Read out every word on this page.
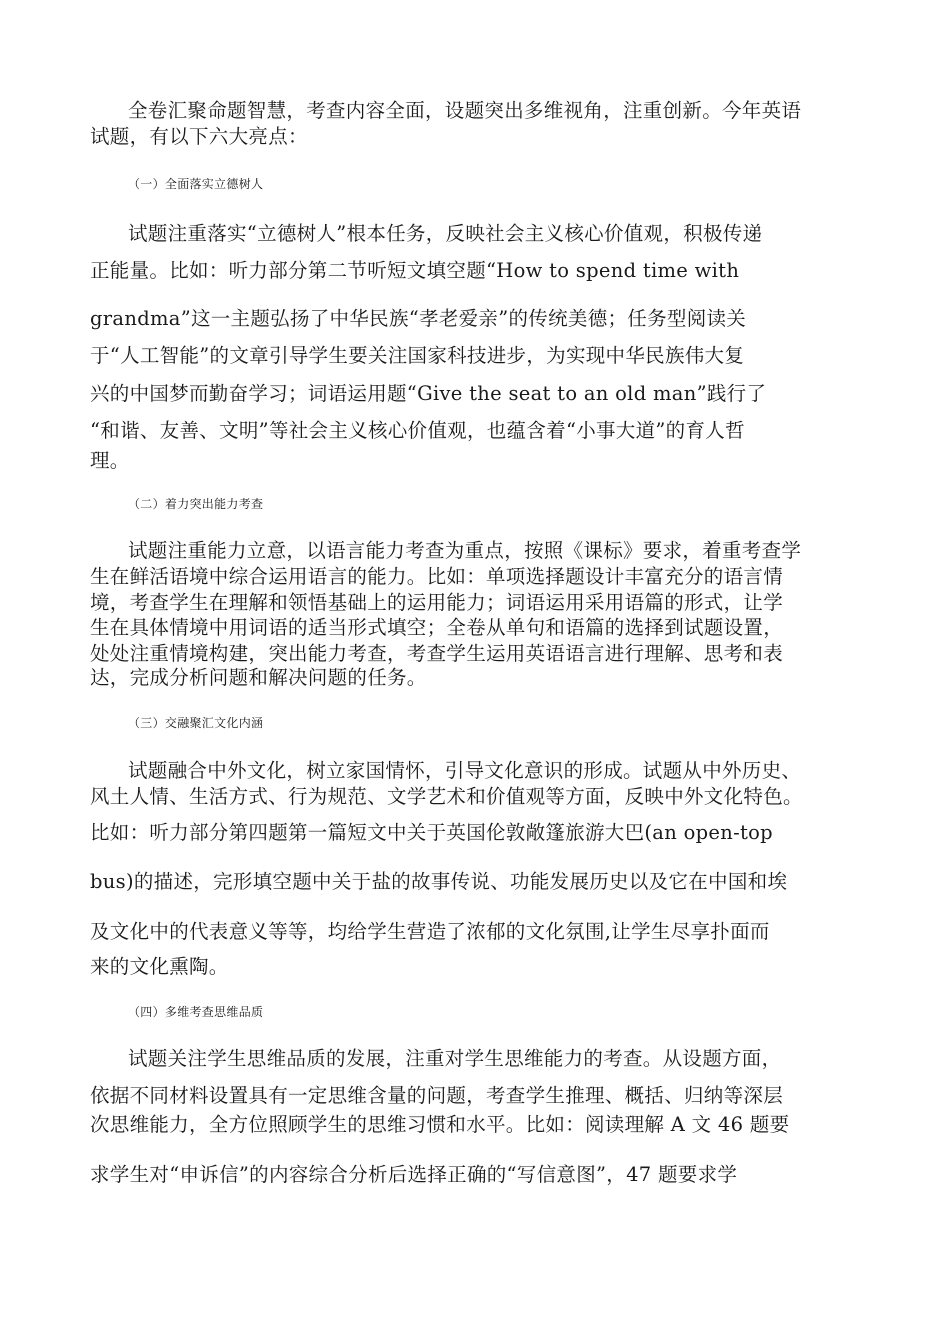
全卷汇聚命题智慧，考查内容全面，设题突出多维视角，注重创新。今年英语
试题，有以下六大亮点：
（一）全面落实立德树人
试题注重落实“立德树人”根本任务，反映社会主义核心价值观，积极传递
正能量。比如：听力部分第二节听短文填空题“How to spend time with
grandma”这一主题弘扬了中华民族“孝老爱亲”的传统美德；任务型阅读关
于“人工智能”的文章引导学生要关注国家科技进步，为实现中华民族伟大复
兴的中国梦而勤奋学习；词语运用题“Give the seat to an old man”践行了
“和谐、友善、文明”等社会主义核心价值观，也蕴含着“小事大道”的育人哲
理。
（二）着力突出能力考查
试题注重能力立意，以语言能力考查为重点，按照《课标》要求，着重考查学
生在鲜活语境中综合运用语言的能力。比如：单项选择题设计丰富充分的语言情
境，考查学生在理解和领悟基础上的运用能力；词语运用采用语篇的形式，让学
生在具体情境中用词语的适当形式填空；全卷从单句和语篇的选择到试题设置，
处处注重情境构建，突出能力考查，考查学生运用英语语言进行理解、思考和表
达，完成分析问题和解决问题的任务。
（三）交融聚汇文化内涵
试题融合中外文化，树立家国情怀，引导文化意识的形成。试题从中外历史、
风土人情、生活方式、行为规范、文学艺术和价值观等方面，反映中外文化特色。
比如：听力部分第四题第一篇短文中关于英国伦敦敞篷旅游大巴(an open-top
bus)的描述，完形填空题中关于盐的故事传说、功能发展历史以及它在中国和埃
及文化中的代表意义等等，均给学生营造了浓郁的文化氛围,让学生尽享扑面而
来的文化熏陶。
（四）多维考查思维品质
试题关注学生思维品质的发展，注重对学生思维能力的考查。从设题方面，
依据不同材料设置具有一定思维含量的问题，考查学生推理、概括、归纳等深层
次思维能力，全方位照顾学生的思维习惯和水平。比如：阅读理解 A 文 46 题要
求学生对“申诉信”的内容综合分析后选择正确的“写信意图”，47 题要求学
